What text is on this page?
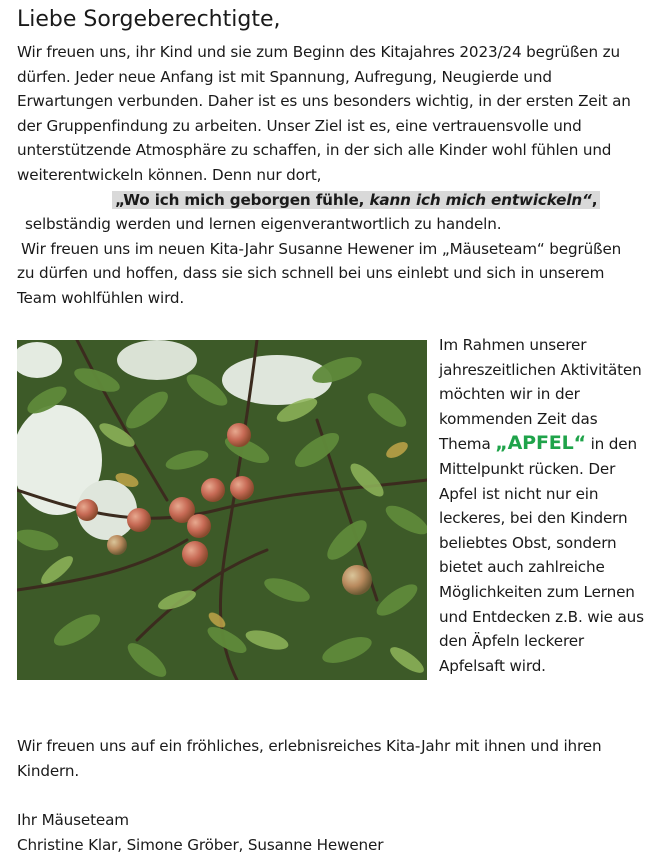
Liebe Sorgeberechtigte,
Wir freuen uns, ihr Kind und sie zum Beginn des Kitajahres 2023/24 begrüßen zu
dürfen. Jeder neue Anfang ist mit Spannung, Aufregung, Neugierde und
Erwartungen verbunden. Daher ist es uns besonders wichtig, in der ersten Zeit an
der Gruppenfindung zu arbeiten. Unser Ziel ist es, eine vertrauensvolle und
unterstützende Atmosphäre zu schaffen, in der sich alle Kinder wohl fühlen und
weiterentwickeln können. Denn nur dort,
„Wo ich mich geborgen fühle, kann ich mich entwickeln“,
selbständig werden und lernen eigenverantwortlich zu handeln.
Wir freuen uns im neuen Kita-Jahr Susanne Hewener im „Mäuseteam“ begrüßen
zu dürfen und hoffen, dass sie sich schnell bei uns einlebt und sich in unserem
Team wohlfühlen wird.
Im Rahmen unserer
jahreszeitlichen Aktivitäten
möchten wir in der
kommenden Zeit das
Thema „APFEL“ in den
Mittelpunkt rücken. Der
Apfel ist nicht nur ein
leckeres, bei den Kindern
beliebtes Obst, sondern
bietet auch zahlreiche
Möglichkeiten zum Lernen
und Entdecken z.B. wie aus
den Äpfeln leckerer
Apfelsaft wird.
Wir freuen uns auf ein fröhliches, erlebnisreiches Kita-Jahr mit ihnen und ihren
Kindern.
Ihr Mäuseteam
Christine Klar, Simone Gröber, Susanne Hewener
